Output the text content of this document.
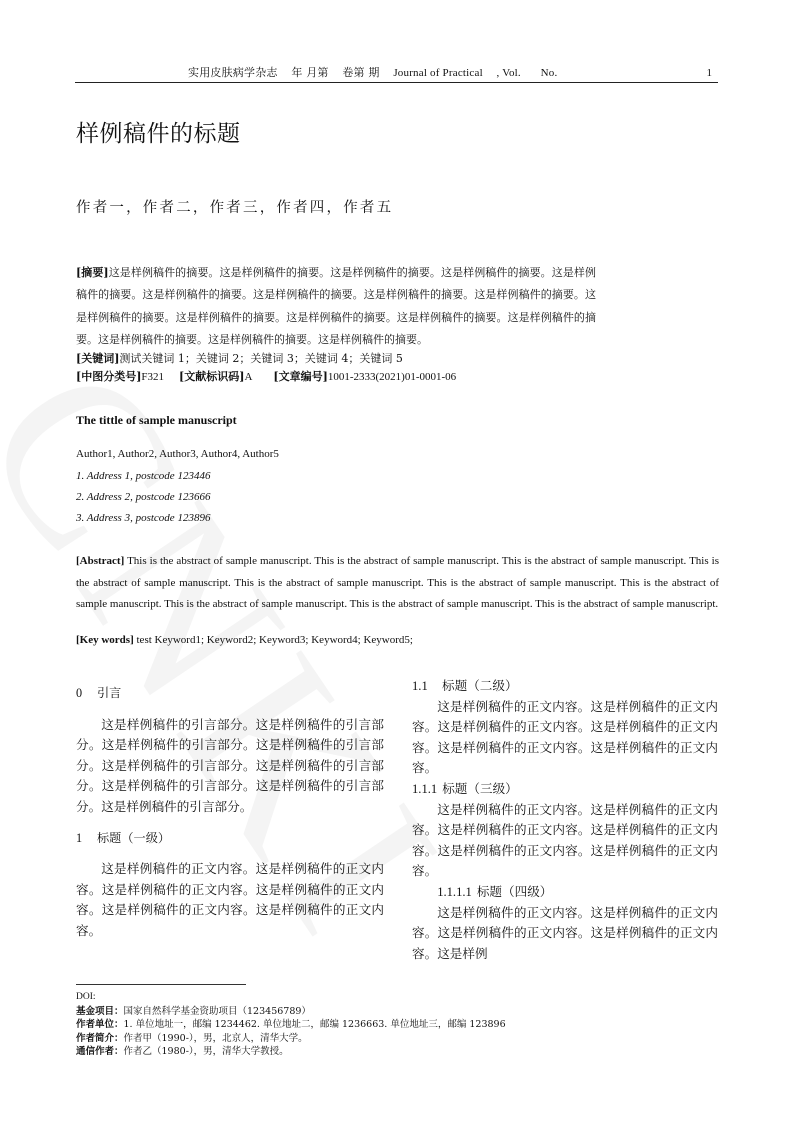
实用皮肤病学杂志 年 月第 卷第 期 Journal of Practical , Vol. No.	1
样例稿件的标题
作者一，作者二，作者三，作者四，作者五
[摘要]这是样例稿件的摘要。这是样例稿件的摘要。这是样例稿件的摘要。这是样例稿件的摘要。这是样例稿件的摘要。这是样例稿件的摘要。这是样例稿件的摘要。这是样例稿件的摘要。这是样例稿件的摘要。这是样例稿件的摘要。这是样例稿件的摘要。这是样例稿件的摘要。这是样例稿件的摘要。这是样例稿件的摘要。这是样例稿件的摘要。这是样例稿件的摘要。这是样例稿件的摘要。
[关键词]测试关键词 1；关键词 2；关键词 3；关键词 4；关键词 5
[中图分类号]F321 [文献标识码]A [文章编号]1001-2333(2021)01-0001-06
The tittle of sample manuscript
Author1, Author2, Author3, Author4, Author5
1. Address 1, postcode 123446
2. Address 2, postcode 123666
3. Address 3, postcode 123896
[Abstract] This is the abstract of sample manuscript. This is the abstract of sample manuscript. This is the abstract of sample manuscript. This is the abstract of sample manuscript. This is the abstract of sample manuscript. This is the abstract of sample manuscript. This is the abstract of sample manuscript. This is the abstract of sample manuscript. This is the abstract of sample manuscript. This is the abstract of sample manuscript.
[Key words] test Keyword1; Keyword2; Keyword3; Keyword4; Keyword5;
0 引言

这是样例稿件的引言部分。这是样例稿件的引言部分。这是样例稿件的引言部分。这是样例稿件的引言部分。这是样例稿件的引言部分。这是样例稿件的引言部分。这是样例稿件的引言部分。这是样例稿件的引言部分。这是样例稿件的引言部分。

1 标题（一级）

这是样例稿件的正文内容。这是样例稿件的正文内容。这是样例稿件的正文内容。这是样例稿件的正文内容。这是样例稿件的正文内容。这是样例稿件的正文内容。

1.1 标题（二级）

这是样例稿件的正文内容。这是样例稿件的正文内容。这是样例稿件的正文内容。这是样例稿件的正文内容。这是样例稿件的正文内容。这是样例稿件的正文内容。

1.1.1 标题（三级）

这是样例稿件的正文内容。这是样例稿件的正文内容。这是样例稿件的正文内容。这是样例稿件的正文内容。这是样例稿件的正文内容。这是样例稿件的正文内容。

1.1.1.1 标题（四级）

这是样例稿件的正文内容。这是样例稿件的正文内容。这是样例稿件的正文内容。这是样例稿件的正文内容。这是样例

DOI:
基金项目：国家自然科学基金资助项目（123456789）
作者单位：1. 单位地址一，邮编 1234462. 单位地址二，邮编 1236663. 单位地址三，邮编 123896
作者简介：作者甲（1990-），男，北京人，清华大学。
通信作者：作者乙（1980-），男，清华大学教授。
